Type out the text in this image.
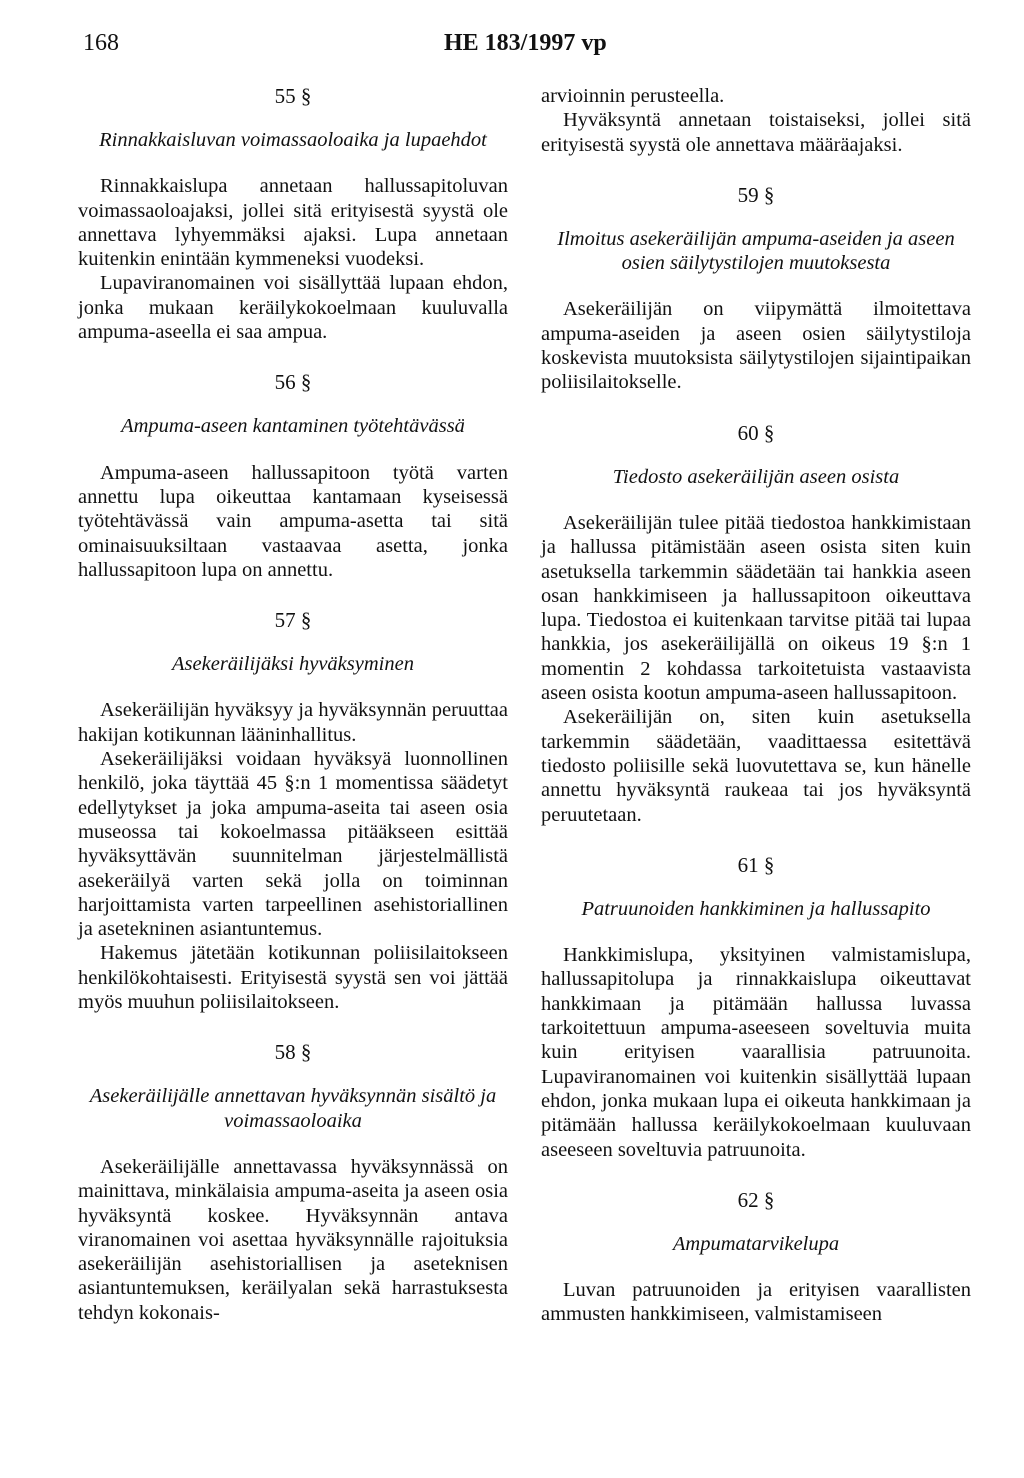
168	HE 183/1997 vp
55 §
Rinnakkaisluvan voimassaoloaika ja lupaehdot

Rinnakkaislupa annetaan hallussapitoluvan voimassaoloajaksi, jollei sitä erityisestä syystä ole annettava lyhyemmäksi ajaksi. Lupa annetaan kuitenkin enintään kymmeneksi vuodeksi.

Lupaviranomainen voi sisällyttää lupaan ehdon, jonka mukaan keräilykokoelmaan kuuluvalla ampuma-aseella ei saa ampua.

56 §
Ampuma-aseen kantaminen työtehtävässä

Ampuma-aseen hallussapitoon työtä varten annettu lupa oikeuttaa kantamaan kyseisessä työtehtävässä vain ampuma-asetta tai sitä ominaisuuksiltaan vastaavaa asetta, jonka hallussapitoon lupa on annettu.

57 §
Asekeräilijäksi hyväksyminen

Asekeräilijän hyväksyy ja hyväksynnän peruuttaa hakijan kotikunnan lääninhallitus.

Asekeräilijäksi voidaan hyväksyä luonnollinen henkilö, joka täyttää 45 §:n 1 momentissa säädetyt edellytykset ja joka ampuma-aseita tai aseen osia museossa tai kokoelmassa pitääkseen esittää hyväksyttävän suunnitelman järjestelmällistä asekeräilyä varten sekä jolla on toiminnan harjoittamista varten tarpeellinen asehistoriallinen ja asetekninen asiantuntemus.

Hakemus jätetään kotikunnan poliisilaitokseen henkilökohtaisesti. Erityisestä syystä sen voi jättää myös muuhun poliisilaitokseen.

58 §
Asekeräilijälle annettavan hyväksynnän sisältö ja voimassaoloaika

Asekeräilijälle annettavassa hyväksynnässä on mainittava, minkälaisia ampuma-aseita ja aseen osia hyväksyntä koskee. Hyväksynnän antava viranomainen voi asettaa hyväksynnälle rajoituksia asekeräilijän asehistoriallisen ja aseteknisen asiantuntemuksen, keräilyalan sekä harrastuksesta tehdyn kokonais-

arvioinnin perusteella.

Hyväksyntä annetaan toistaiseksi, jollei sitä erityisestä syystä ole annettava määräajaksi.

59 §
Ilmoitus asekeräilijän ampuma-aseiden ja aseen osien säilytystilojen muutoksesta

Asekeräilijän on viipymättä ilmoitettava ampuma-aseiden ja aseen osien säilytystiloja koskevista muutoksista säilytystilojen sijaintipaikan poliisilaitokselle.

60 §
Tiedosto asekeräilijän aseen osista

Asekeräilijän tulee pitää tiedostoa hankkimistaan ja hallussa pitämistään aseen osista siten kuin asetuksella tarkemmin säädetään tai hankkia aseen osan hankkimiseen ja hallussapitoon oikeuttava lupa. Tiedostoa ei kuitenkaan tarvitse pitää tai lupaa hankkia, jos asekeräilijällä on oikeus 19 §:n 1 momentin 2 kohdassa tarkoitetuista vastaavista aseen osista kootun ampuma-aseen hallussapitoon.

Asekeräilijän on, siten kuin asetuksella tarkemmin säädetään, vaadittaessa esitettävä tiedosto poliisille sekä luovutettava se, kun hänelle annettu hyväksyntä raukeaa tai jos hyväksyntä peruutetaan.

61 §
Patruunoiden hankkiminen ja hallussapito

Hankkimislupa, yksityinen valmistamislupa, hallussapitolupa ja rinnakkaislupa oikeuttavat hankkimaan ja pitämään hallussa luvassa tarkoitettuun ampuma-aseeseen soveltuvia muita kuin erityisen vaarallisia patruunoita. Lupaviranomainen voi kuitenkin sisällyttää lupaan ehdon, jonka mukaan lupa ei oikeuta hankkimaan ja pitämään hallussa keräilykokoelmaan kuuluvaan aseeseen soveltuvia patruunoita.

62 §
Ampumatarvikelupa

Luvan patruunoiden ja erityisen vaarallisten ammusten hankkimiseen, valmistamiseen
